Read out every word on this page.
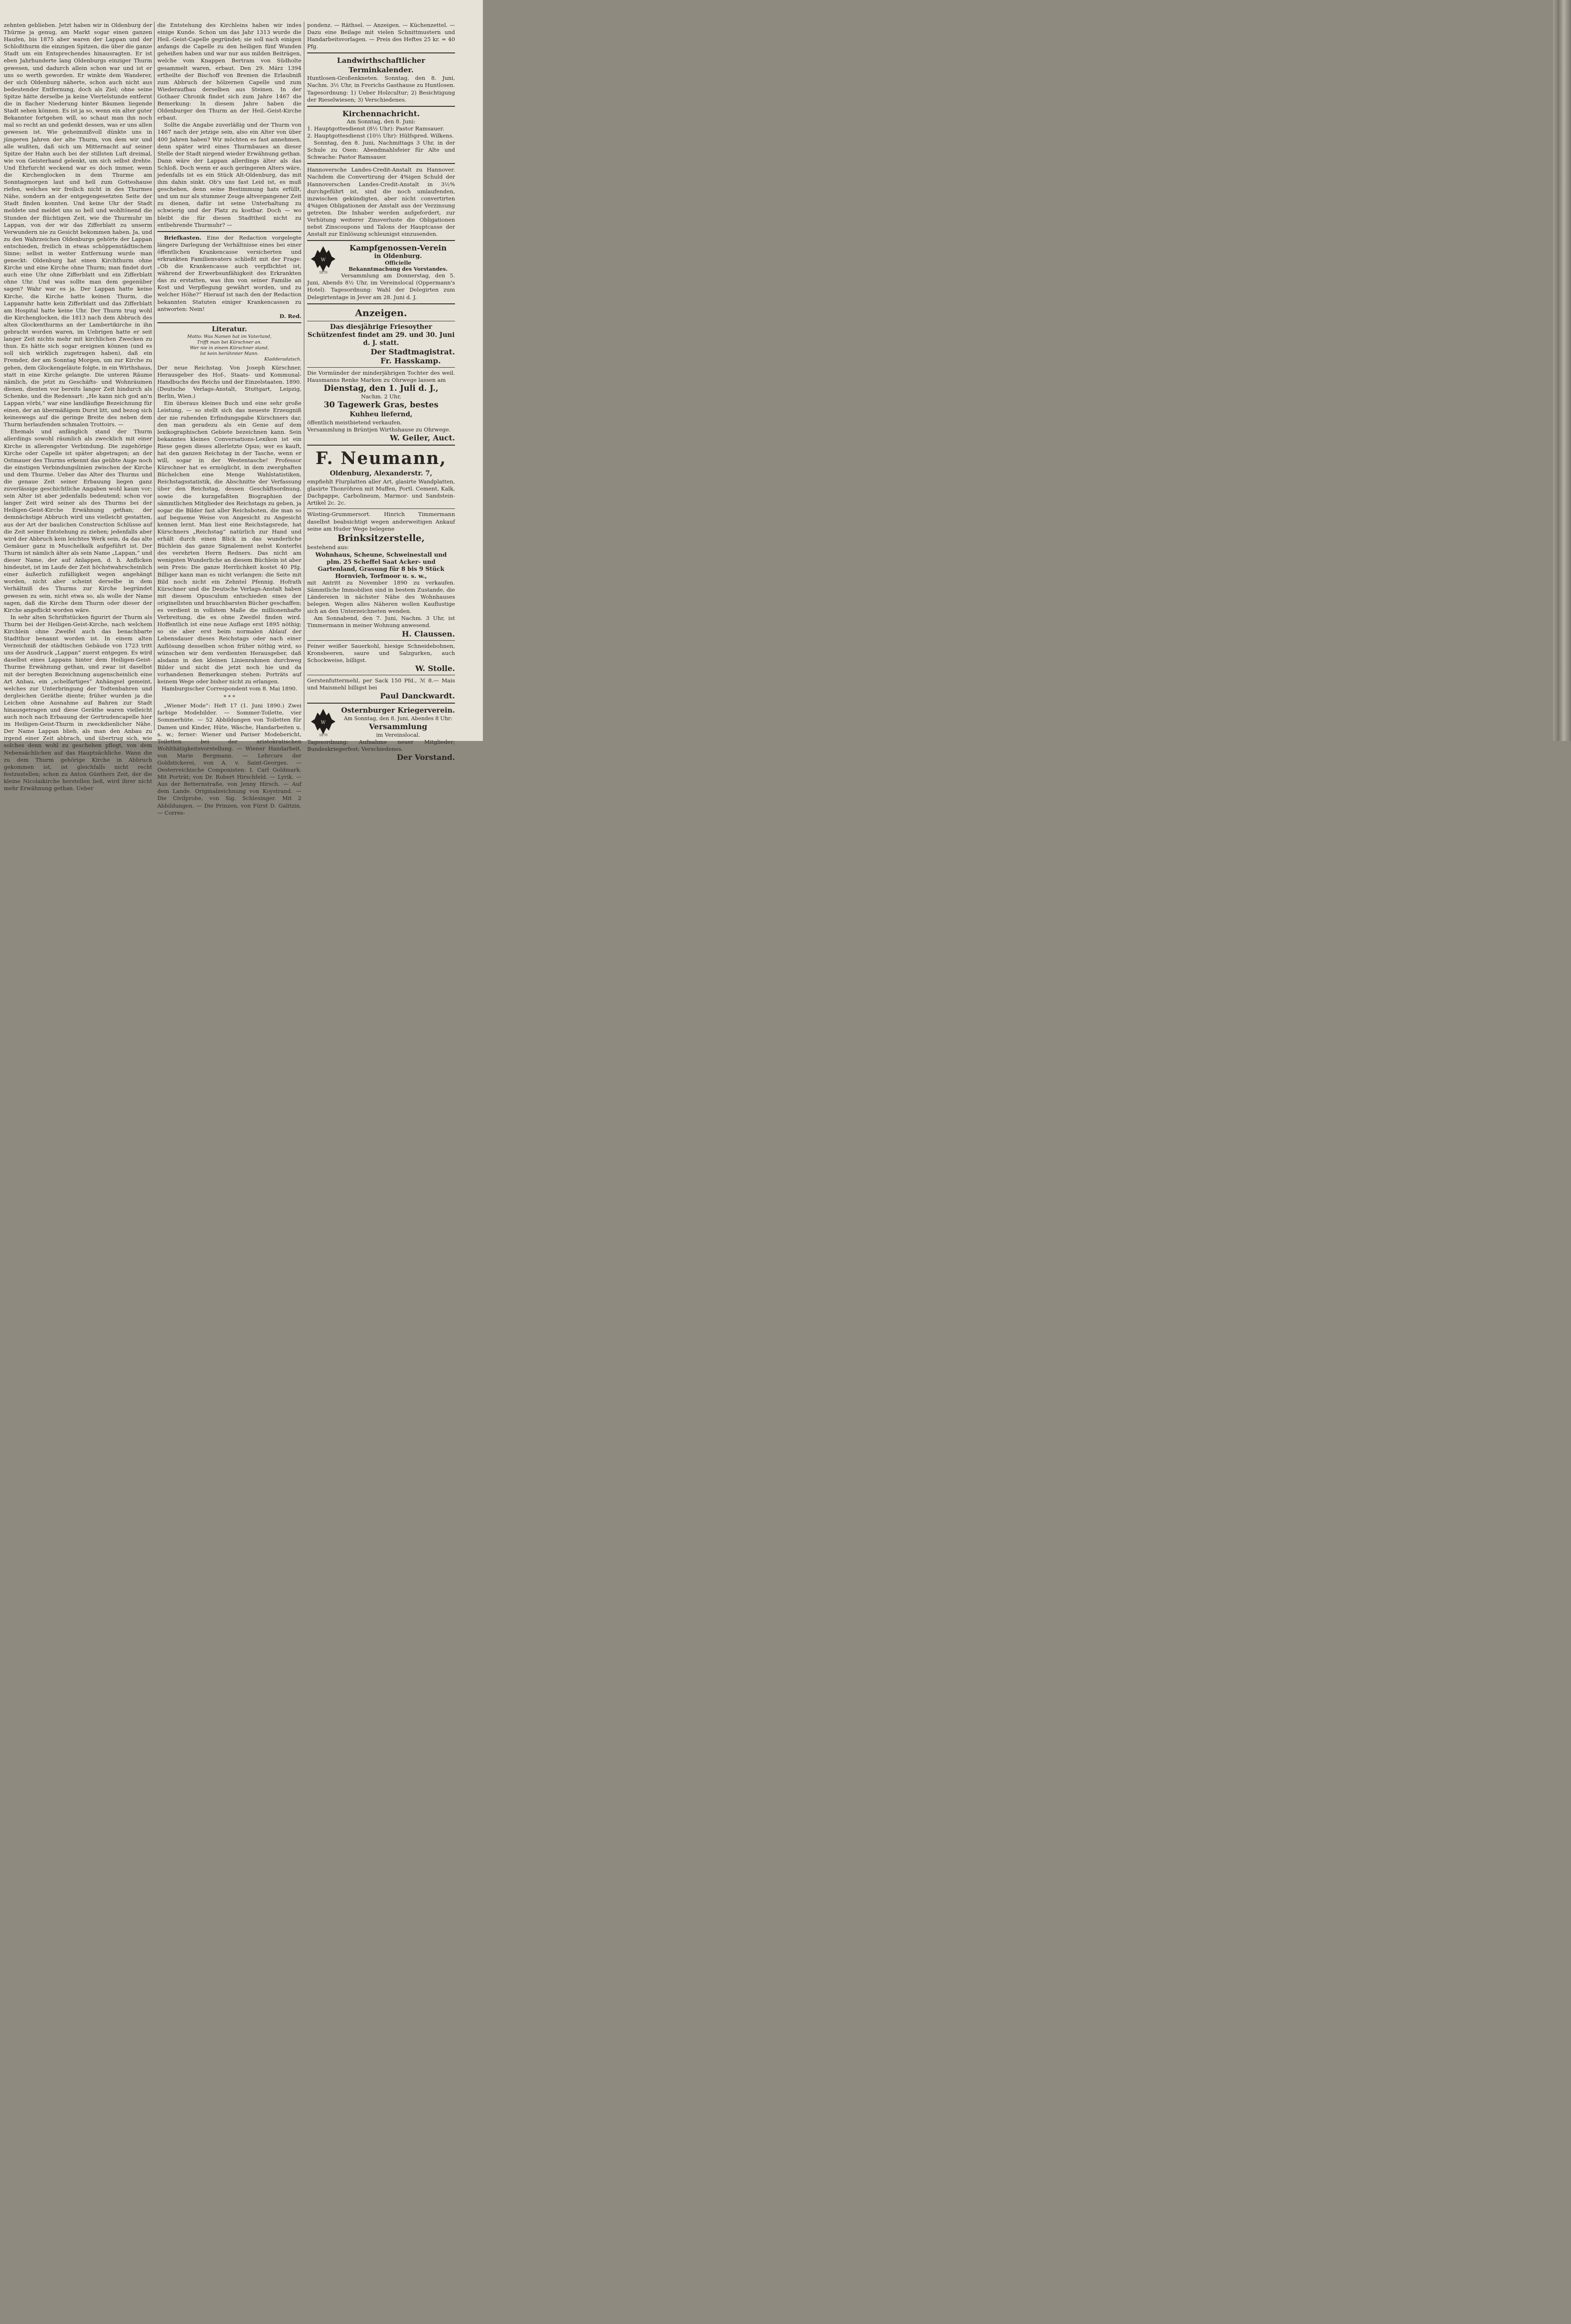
zehnten geblieben. Jetzt haben wir in Oldenburg der Thürme ja genug, am Markt sogar einen ganzen Haufen, bis 1875 aber waren der Lappan und der Schloßthurm die einzigen Spitzen, die über die ganze Stadt um ein Entsprechendes hinausragten. Er ist eben Jahrhunderte lang Oldenburgs einziger Thurm gewesen, und dadurch allein schon war und ist er uns so werth geworden. Er winkte dem Wanderer, der sich Oldenburg näherte, schon auch nicht aus bedeutender Entfernung, doch als Ziel; ohne seine Spitze hätte derselbe ja keine Viertelstunde entfernt die in flacher Niederung hinter Bäumen liegende Stadt sehen können. Es ist ja so, wenn ein alter guter Bekannter fortgehen will, so schaut man ihn noch mal so recht an und gedenkt dessen, was er uns allen gewesen ist. Wie geheimnißvoll dünkte uns in jüngeren Jahren der alte Thurm, von dem wir und alle wußten, daß sich um Mitternacht auf seiner Spitze der Hahn auch bei der stillsten Luft dreimal, wie von Geisterhand gelenkt, um sich selbst drehte. Und Ehrfurcht weckend war es doch immer, wenn die Kirchenglocken in dem Thurme am Sonntagmorgen laut und hell zum Gotteshause riefen, welches wir freilich nicht in des Thurmes Nähe, sondern an der entgegengesetzten Seite der Stadt finden konnten. Und keine Uhr der Stadt meldete und meldet uns so hell und wohltönend die Stunden der flüchtigen Zeit, wie die Thurmuhr im Lappan, von der wir das Zifferblatt zu unserm Verwundern nie zu Gesicht bekommen haben. Ja, und zu den Wahrzeichen Oldenburgs gehörte der Lappan entschieden, freilich in etwas schöppenstädtischem Sinne; selbst in weiter Entfernung wurde man geneckt: Oldenburg hat einen Kirchthurm ohne Kirche und eine Kirche ohne Thurm; man findet dort auch eine Uhr ohne Zifferblatt und ein Zifferblatt ohne Uhr. Und was sollte man dem gegenüber sagen? Wahr war es ja. Der Lappan hatte keine Kirche, die Kirche hatte keinen Thurm, die Lappanuhr hatte kein Zifferblatt und das Zifferblatt am Hospital hatte keine Uhr. Der Thurm trug wohl die Kirchenglocken, die 1813 nach dem Abbruch des alten Glockenthurms an der Lambertikirche in ihn gebracht worden waren, im Uebrigen hatte er seit langer Zeit nichts mehr mit kirchlichen Zwecken zu thun. Es hätte sich sogar ereignen können (und es soll sich wirklich zugetragen haben), daß ein Fremder, der am Sonntag Morgen, um zur Kirche zu gehen, dem Glockengeläute folgte, in ein Wirthshaus, statt in eine Kirche gelangte. Die unteren Räume nämlich, die jetzt zu Geschäfts- und Wohnräumen dienen, dienten vor bereits langer Zeit hindurch als Schenke, und die Redensart: „He kann nich god an'n Lappan vörbi,“ war eine landläufige Bezeichnung für einen, der an übermäßigem Durst litt, und bezog sich keineswegs auf die geringe Breite des neben dem Thurm herlaufenden schmalen Trottoirs. —

Ehemals und anfänglich stand der Thurm allerdings sowohl räumlich als zwecklich mit einer Kirche in allerengster Verbindung. Die zugehörige Kirche oder Capelle ist später abgetragen; an der Ostmauer des Thurms erkennt das geübte Auge noch die einstigen Verbindungslinien zwischen der Kirche und dem Thurme. Ueber das Alter des Thurms und die genaue Zeit seiner Erbauung liegen ganz zuverlässige geschichtliche Angaben wohl kaum vor; sein Alter ist aber jedenfalls bedeutend; schon vor langer Zeit wird seiner als des Thurms bei der Heiligen-Geist-Kirche Erwähnung gethan; der demnächstige Abbruch wird uns vielleicht gestatten, aus der Art der baulichen Construction Schlüsse auf die Zeit seiner Entstehung zu ziehen; jedenfalls aber wird der Abbruch kein leichtes Werk sein, da das alte Gemäuer ganz in Muschelkalk aufgeführt ist. Der Thurm ist nämlich älter als sein Name „Lappan,“ und dieser Name, der auf Anlappen, d. h. Anflicken hindeutet, ist im Laufe der Zeit höchstwahrscheinlich einer äußerlich zufälligkeit wegen angehängt worden, nicht aber scheint derselbe in dem Verhältniß des Thurms zur Kirche begründet gewesen zu sein, nicht etwa so, als wolle der Name sagen, daß die Kirche dem Thurm oder dieser der Kirche angeflickt worden wäre.

In sehr alten Schriftstücken figurirt der Thurm als Thurm bei der Heiligen-Geist-Kirche, nach welchem Kirchlein ohne Zweifel auch das benachbarte Stadtthor benannt worden ist. In einem alten Verzeichniß der städtischen Gebäude von 1723 tritt uns der Ausdruck „Lappan“ zuerst entgegen. Es wird daselbst eines Lappans hinter dem Heiligen-Geist-Thurme Erwähnung gethan, und zwar ist daselbst mit der beregten Bezeichnung augenscheinlich eine Art Anbau, ein „schelfartiges“ Anhängsel gemeint, welches zur Unterbringung der Todtenbahren und dergleichen Geräthe diente; früher wurden ja die Leichen ohne Ausnahme auf Bahren zur Stadt hinausgetragen und diese Geräthe waren vielleicht auch noch nach Erbauung der Gertrudencapelle hier im Heiligen-Geist-Thurm in zweckdienlicher Nähe. Der Name Lappan blieb, als man den Anbau zu irgend einer Zeit abbrach, und übertrug sich, wie solches denn wohl zu geschehen pflegt, von dem Nebensächlichen auf das Hauptsächliche. Wann die zu dem Thurm gehörige Kirche in Abbruch gekommen ist, ist gleichfalls nicht recht festzustellen; schon zu Anton Günthers Zeit, der die kleine Nicolaikirche herstellen ließ, wird ihrer nicht mehr Erwähnung gethan. Ueber

die Entstehung des Kirchleins haben wir indes einige Kunde. Schon um das Jahr 1313 wurde die Heil.-Geist-Capelle gegründet; sie soll nach einigen anfangs die Capelle zu den heiligen fünf Wunden geheißen haben und war nur aus milden Beiträgen, welche vom Knappen Bertram von Südholte gesammelt waren, erbaut. Den 29. März 1394 ertheilte der Bischoff von Bremen die Erlaubniß zum Abbruch der hölzernen Capelle und zum Wiederaufbau derselben aus Steinen. In der Gothaer Chronik findet sich zum Jahre 1467 die Bemerkung: In diesem Jahre haben die Oldenburger den Thurm an der Heil.-Geist-Kirche erbaut.

Sollte die Angabe zuverläßig und der Thurm von 1467 nach der jetzige sein, also ein Alter von über 400 Jahren haben? Wir möchten es fast annehmen, denn später wird eines Thurmbaues an dieser Stelle der Stadt nirgend wieder Erwähnung gethan. Dann wäre der Lappan allerdings älter als das Schloß. Doch wenn er auch geringeren Alters wäre, jedenfalls ist es ein Stück Alt-Oldenburg, das mit ihm dahin sinkt. Ob's uns fast Leid ist, es muß geschehen, denn seine Bestimmung hats erfüllt, und um nur als stummer Zeuge altvergangener Zeit zu dienen, dafür ist seine Unterhaltung zu schwierig und der Platz zu kostbar. Doch — wo bleibt die für diesen Stadttheil nicht zu entbehrende Thurmuhr? —

Briefkasten. Eine der Redaction vorgelegte längere Darlegung der Verhältnisse eines bei einer öffentlichen Krankencasse versicherten und erkrankten Familienvaters schließt mit der Frage: „Ob die Krankencasse auch verpflichtet ist, während der Erwerbsunfähigkeit des Erkrankten das zu erstatten, was ihm von seiner Familie an Kost und Verpflegung gewährt worden, und zu welcher Höhe?“ Hierauf ist nach den der Redaction bekannten Statuten einiger Krankencassen zu antworten: Nein!

D. Red.
Literatur.
Motto: Was Namen hat im Vaterland,
Trifft man bei Kürschner an.
Wer nie in einem Kürschner stand,
Ist kein berühmter Mann.
Kladderadatsch.

Der neue Reichstag. Von Joseph Kürschner, Herausgeber des Hof-, Staats- und Kommunal-Handbuchs des Reichs und der Einzelstaaten. 1890. (Deutsche Verlags-Anstalt, Stuttgart, Leipzig, Berlin, Wien.)

Ein überaus kleines Buch und eine sehr große Leistung, — so stellt sich das neueste Erzeugniß der nie ruhenden Erfindungsgabe Kürschners dar, den man geradezu als ein Genie auf dem lexikographischen Gebiete bezeichnen kann. Sein bekanntes kleines Conversations-Lexikon ist ein Riese gegen dieses allerletzte Opus; wer es kauft, hat den ganzen Reichstag in der Tasche, wenn er will, sogar in der Westentasche! Professor Kürschner hat es ermöglicht, in dem zwerghaften Büchelchen eine Menge Wahlstatistiken, Reichstagsstatistik, die Abschnitte der Verfassung über den Reichstag, dessen Geschäftsordnung, sowie die kurzgefaßten Biographien der sämmtlichen Mitglieder des Reichstags zu geben, ja sogar die Bilder fast aller Reichsboten, die man so auf bequeme Weise von Angesicht zu Angesicht kennen lernt. Man liest eine Reichstagsrede, hat Kürschners „Reichstag“ natürlich zur Hand und erhält durch einen Blick in das wunderliche Büchlein das ganze Signalement nebst Konterfei des verehrten Herrn Redners. Das nicht am wenigsten Wunderliche an diesem Büchlein ist aber sein Preis: Die ganze Herrlichkeit kostet 40 Pfg. Billiger kann man es nicht verlangen: die Seite mit Bild noch nicht ein Zehntel Pfennig. Hofrath Kürschner und die Deutsche Verlags-Anstalt haben mit diesem Opusculum entschieden eines der originellsten und brauchbarsten Bücher geschaffen; es verdient in vollstem Maße die millionenhafte Verbreitung, die es ohne Zweifel finden wird. Hoffentlich ist eine neue Auflage erst 1895 nöthig; so sie aber erst beim normalen Ablauf der Lebensdauer dieses Reichstags oder nach einer Auflösung desselben schon früher nöthig wird, so wünschen wir dem verdienten Herausgeber, daß alsdann in den kleinen Linienrahmen durchweg Bilder und nicht die jetzt noch hie und da vorhandenen Bemerkungen stehen: Porträts auf keinem Wege oder bisher nicht zu erlangen.

Hamburgischer Correspondent vom 8. Mai 1890.

* * *

„Wiener Mode“: Heft 17 (1. Juni 1890.) Zwei farbige Modebilder. — Sommer-Toilette, vier Sommerhüte. — 52 Abbildungen von Toiletten für Damen und Kinder, Hüte, Wäsche, Handarbeiten u. s. w.; ferner: Wiener und Pariser Modebericht, Toiletten bei der aristokratischen Wohlthätigkeitsvorstellung. — Wiener Handarbeit, von Marie Bergmann. — Lehrcurs der Goldstickerei, von A. v. Saint-Georges. — Oesterreichische Componisten: I. Carl Goldmark. Mit Porträt; von Dr. Robert Hirschfeld. — Lyrik. — Aus der Betternstraße, von Jenny Hirsch. — Auf dem Lande. Originalzeichnung von Koystrand. — Die Civilprobe, von Sig. Schlesinger. Mit 2 Abbildungen. — Die Prinzen, von Fürst D. Galitzin. — Corres-

pondenz. — Räthsel. — Anzeigen. — Küchenzettel. — Dazu eine Beilage mit vielen Schnittmustern und Handarbeitsvorlagen. — Preis des Heftes 25 kr. = 40 Pfg.
Landwirthschaftlicher Terminkalender.
Huntlosen-Großenkneten. Sonntag, den 8. Juni, Nachm. 3½ Uhr, in Frerichs Gasthause zu Huntlosen. Tagesordnung: 1) Ueber Holzcultur; 2) Besichtigung der Rieselwiesen; 3) Verschiedenes.
Kirchennachricht.
Am Sonntag, den 8. Juni:
1. Hauptgottesdienst (8½ Uhr): Pastor Ramsauer.
2. Hauptgottesdienst (10½ Uhr): Hülfspred. Wilkens.
Sonntag, den 8. Juni, Nachmittags 3 Uhr, in der Schule zu Osen: Abendmahlsfeier für Alte und Schwache: Pastor Ramsauer.
Hannoversche Landes-Credit-Anstalt zu Hannover. Nachdem die Convertirung der 4%igen Schuld der Hannoverschen Landes-Credit-Anstalt in 3½% durchgeführt ist, sind die noch umlaufenden, inzwischen gekündigten, aber nicht convertirten 4%igen Obligationen der Anstalt aus der Verzinsung getreten. Die Inhaber werden aufgefordert, zur Verhütung weiterer Zinsverluste die Obligationen nebst Zinscoupons und Talons der Hauptcasse der Anstalt zur Einlösung schleunigst einzusenden.
W
1870
Kampfgenossen-Verein
in Oldenburg.
Officielle
Bekanntmachung des Vorstandes.
Versammlung am Donnerstag, den 5. Juni, Abends 8½ Uhr, im Vereinslocal (Oppermann's Hotel). Tagesordnung: Wahl der Delegirten zum Delegirtentage in Jever am 28. Juni d. J.
Anzeigen.
Das diesjährige Friesoyther Schützenfest findet am 29. und 30. Juni d. J. statt.
Der Stadtmagistrat.
Fr. Hasskamp.
Die Vormünder der minderjährigen Tochter des weil. Hausmanns Renke Marken zu Ohrwege lassen am
Dienstag, den 1. Juli d. J.,
Nachm. 2 Uhr,
30 Tagewerk Gras, bestes
Kuhheu liefernd,
öffentlich meistbietend verkaufen.
Versammlung in Brüntjen Wirthshause zu Ohrwege.
W. Geiler, Auct.
F. Neumann,
Oldenburg, Alexanderstr. 7,
empfiehlt Flurplatten aller Art, glasirte Wandplatten, glasirte Thonröhren mit Muffen, Portl. Cement, Kalk, Dachpappe, Carbolineum, Marmor- und Sandstein-Artikel 2c. 2c.
Wüsting-Grummersort. Hinrich Timmermann daselbst beabsichtigt wegen anderweitigen Ankauf seine am Huder Wege belegene
Brinksitzerstelle,
bestehend aus:
Wohnhaus, Scheune, Schweinestall und plm. 25 Scheffel Saat Acker- und Gartenland, Grasung für 8 bis 9 Stück Hornvieh, Torfmoor u. s. w.,
mit Antritt zu November 1890 zu verkaufen. Sämmtliche Immobilien sind in bestem Zustande, die Ländereien in nächster Nähe des Wohnhauses belegen. Wegen alles Näheren wollen Kauflustige sich an den Unterzeichneten wenden.
Am Sonnabend, den 7. Juni, Nachm. 3 Uhr, ist Timmermann in meiner Wohnung anwesend.
H. Claussen.
Feiner weißer Sauerkohl, hiesige Schneidebohnen, Kronsbeeren, saure und Salzgurken, auch Schockweise, billigst.
W. Stolle.
Gerstenfuttermehl, per Sack 150 Pfd., ℳ 8.— Mais und Maismehl billigst bei
Paul Danckwardt.
W
1870
Osternburger Kriegerverein.
Am Sonntag, den 8. Juni, Abendes 8 Uhr:
Versammlung
im Vereinslocal.
Tagesordnung: Aufnahme neuer Mitglieder; Bundeskriegerfest; Verschiedenes.
Der Vorstand.
